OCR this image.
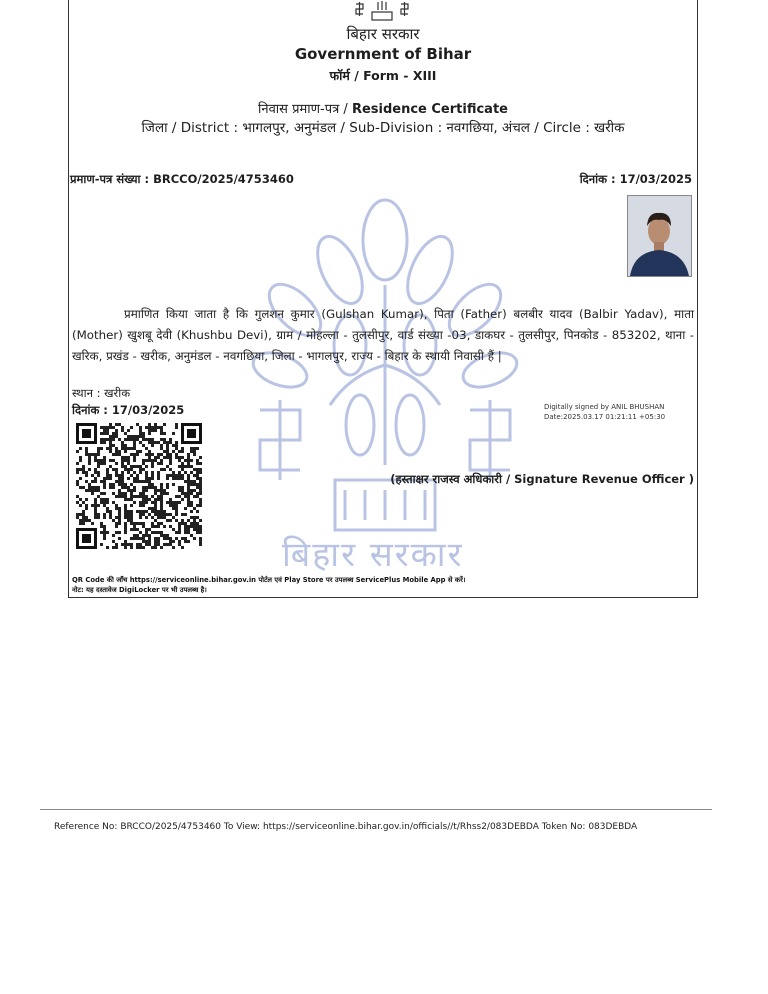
बिहार सरकार
बिहार सरकार
Government of Bihar
फॉर्म / Form - XIII
निवास प्रमाण-पत्र / Residence Certificate
जिला / District : भागलपुर, अनुमंडल / Sub-Division : नवगछिया, अंचल / Circle : खरीक
प्रमाण-पत्र संख्या : BRCCO/2025/4753460	दिनांक : 17/03/2025
प्रमाणित किया जाता है कि गुलशन कुमार (Gulshan Kumar), पिता (Father) बलबीर यादव (Balbir Yadav), माता (Mother) खुशबू देवी (Khushbu Devi), ग्राम / मोहल्ला - तुलसीपुर, वार्ड संख्या -03, डाकघर - तुलसीपुर, पिनकोड - 853202, थाना - खरिक, प्रखंड - खरीक, अनुमंडल - नवगछिया, जिला - भागलपुर, राज्य - बिहार के स्थायी निवासी हैं |
स्थान : खरीक
दिनांक : 17/03/2025	Digitally signed by ANIL BHUSHAN
Date:2025.03.17 01:21:11 +05:30
(हस्ताक्षर राजस्व अधिकारी / Signature Revenue Officer )
QR Code की जाँच https://serviceonline.bihar.gov.in पोर्टल एवं Play Store पर उपलब्ध ServicePlus Mobile App से करें।
नोट: यह दस्तावेज DigiLocker पर भी उपलब्ध है।
Reference No: BRCCO/2025/4753460 To View: https://serviceonline.bihar.gov.in/officials//t/Rhss2/083DEBDA Token No: 083DEBDA
